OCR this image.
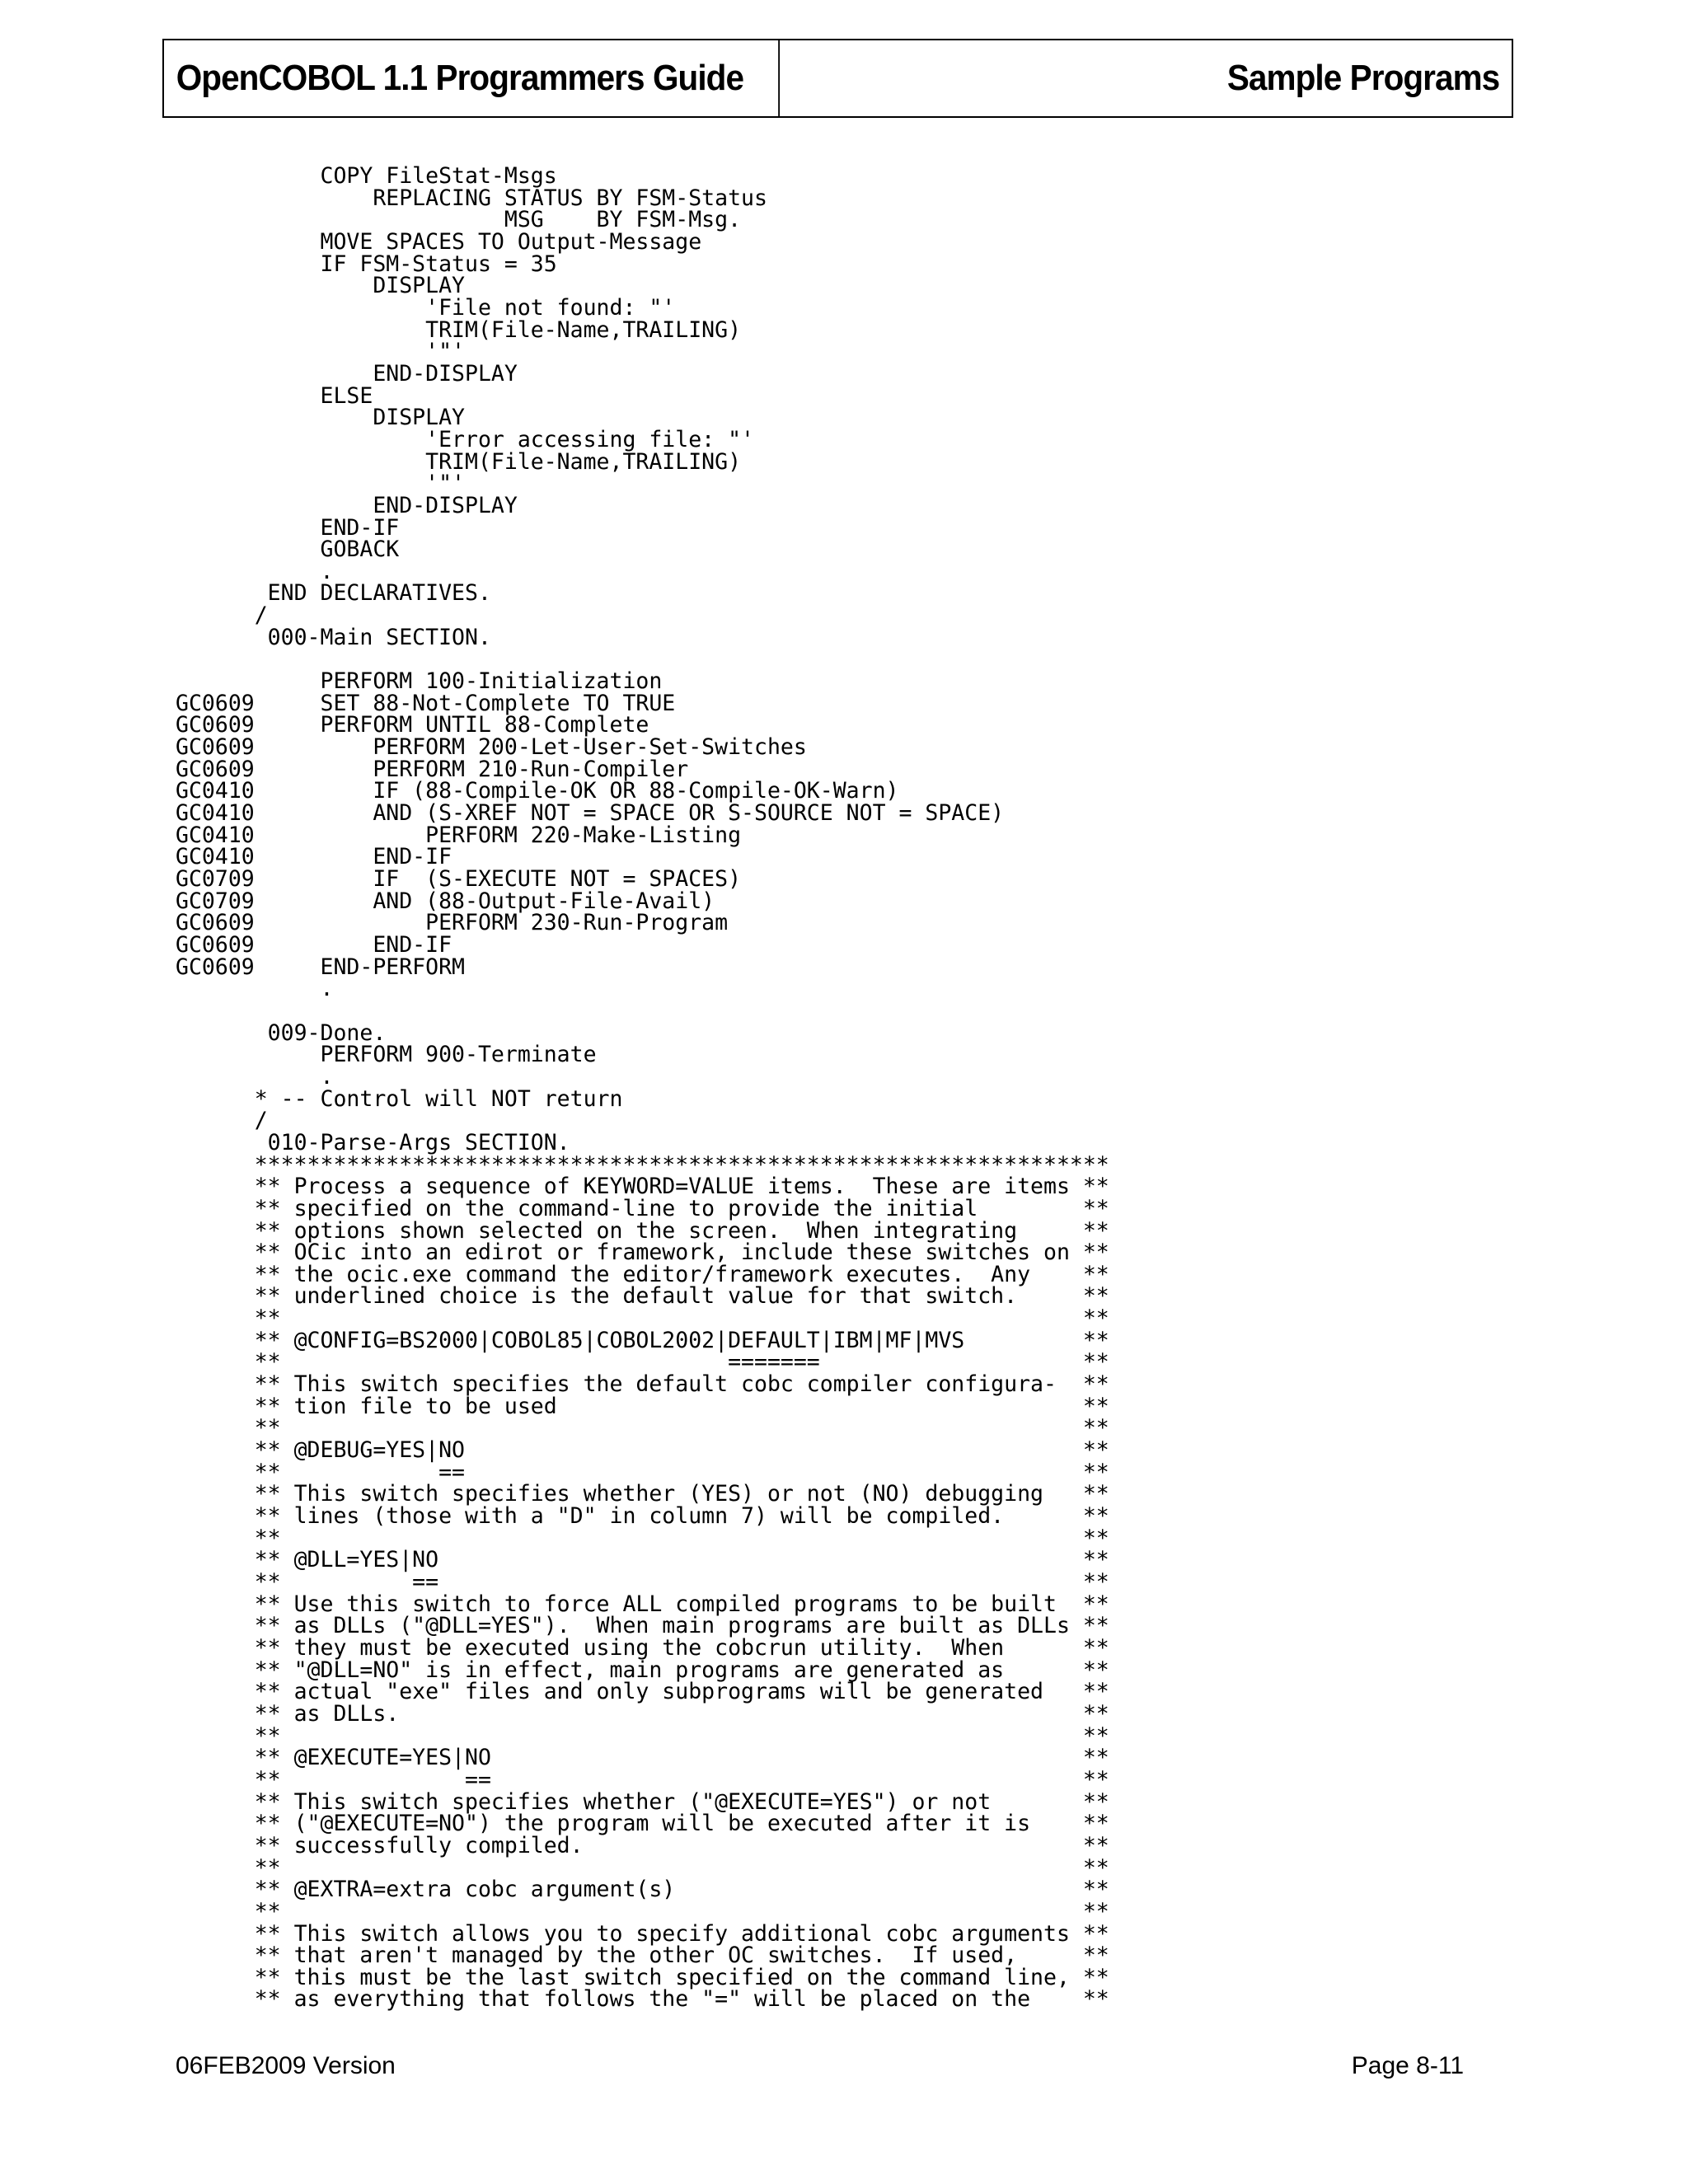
OpenCOBOL 1.1 Programmers Guide	Sample Programs
COPY FileStat-Msgs
REPLACING STATUS BY FSM-Status
MSG    BY FSM-Msg.
MOVE SPACES TO Output-Message
IF FSM-Status = 35
DISPLAY
'File not found: "'
TRIM(File-Name,TRAILING)
'"'
END-DISPLAY
ELSE
DISPLAY
'Error accessing file: "'
TRIM(File-Name,TRAILING)
'"'
END-DISPLAY
END-IF
GOBACK
.
END DECLARATIVES.
/
000-Main SECTION.

PERFORM 100-Initialization
GC0609     SET 88-Not-Complete TO TRUE
GC0609     PERFORM UNTIL 88-Complete
GC0609         PERFORM 200-Let-User-Set-Switches
GC0609         PERFORM 210-Run-Compiler
GC0410         IF (88-Compile-OK OR 88-Compile-OK-Warn)
GC0410         AND (S-XREF NOT = SPACE OR S-SOURCE NOT = SPACE)
GC0410             PERFORM 220-Make-Listing
GC0410         END-IF
GC0709         IF  (S-EXECUTE NOT = SPACES)
GC0709         AND (88-Output-File-Avail)
GC0609             PERFORM 230-Run-Program
GC0609         END-IF
GC0609     END-PERFORM
.

009-Done.
PERFORM 900-Terminate
.
* -- Control will NOT return
/
010-Parse-Args SECTION.
*****************************************************************
** Process a sequence of KEYWORD=VALUE items.  These are items **
** specified on the command-line to provide the initial        **
** options shown selected on the screen.  When integrating     **
** OCic into an edirot or framework, include these switches on **
** the ocic.exe command the editor/framework executes.  Any    **
** underlined choice is the default value for that switch.     **
**                                                             **
** @CONFIG=BS2000|COBOL85|COBOL2002|DEFAULT|IBM|MF|MVS         **
**                                  =======                    **
** This switch specifies the default cobc compiler configura-  **
** tion file to be used                                        **
**                                                             **
** @DEBUG=YES|NO                                               **
**            ==                                               **
** This switch specifies whether (YES) or not (NO) debugging   **
** lines (those with a "D" in column 7) will be compiled.      **
**                                                             **
** @DLL=YES|NO                                                 **
**          ==                                                 **
** Use this switch to force ALL compiled programs to be built  **
** as DLLs ("@DLL=YES").  When main programs are built as DLLs **
** they must be executed using the cobcrun utility.  When      **
** "@DLL=NO" is in effect, main programs are generated as      **
** actual "exe" files and only subprograms will be generated   **
** as DLLs.                                                    **
**                                                             **
** @EXECUTE=YES|NO                                             **
**              ==                                             **
** This switch specifies whether ("@EXECUTE=YES") or not       **
** ("@EXECUTE=NO") the program will be executed after it is    **
** successfully compiled.                                      **
**                                                             **
** @EXTRA=extra cobc argument(s)                               **
**                                                             **
** This switch allows you to specify additional cobc arguments **
** that aren't managed by the other OC switches.  If used,     **
** this must be the last switch specified on the command line, **
** as everything that follows the "=" will be placed on the    **
06FEB2009 Version	Page 8-11
